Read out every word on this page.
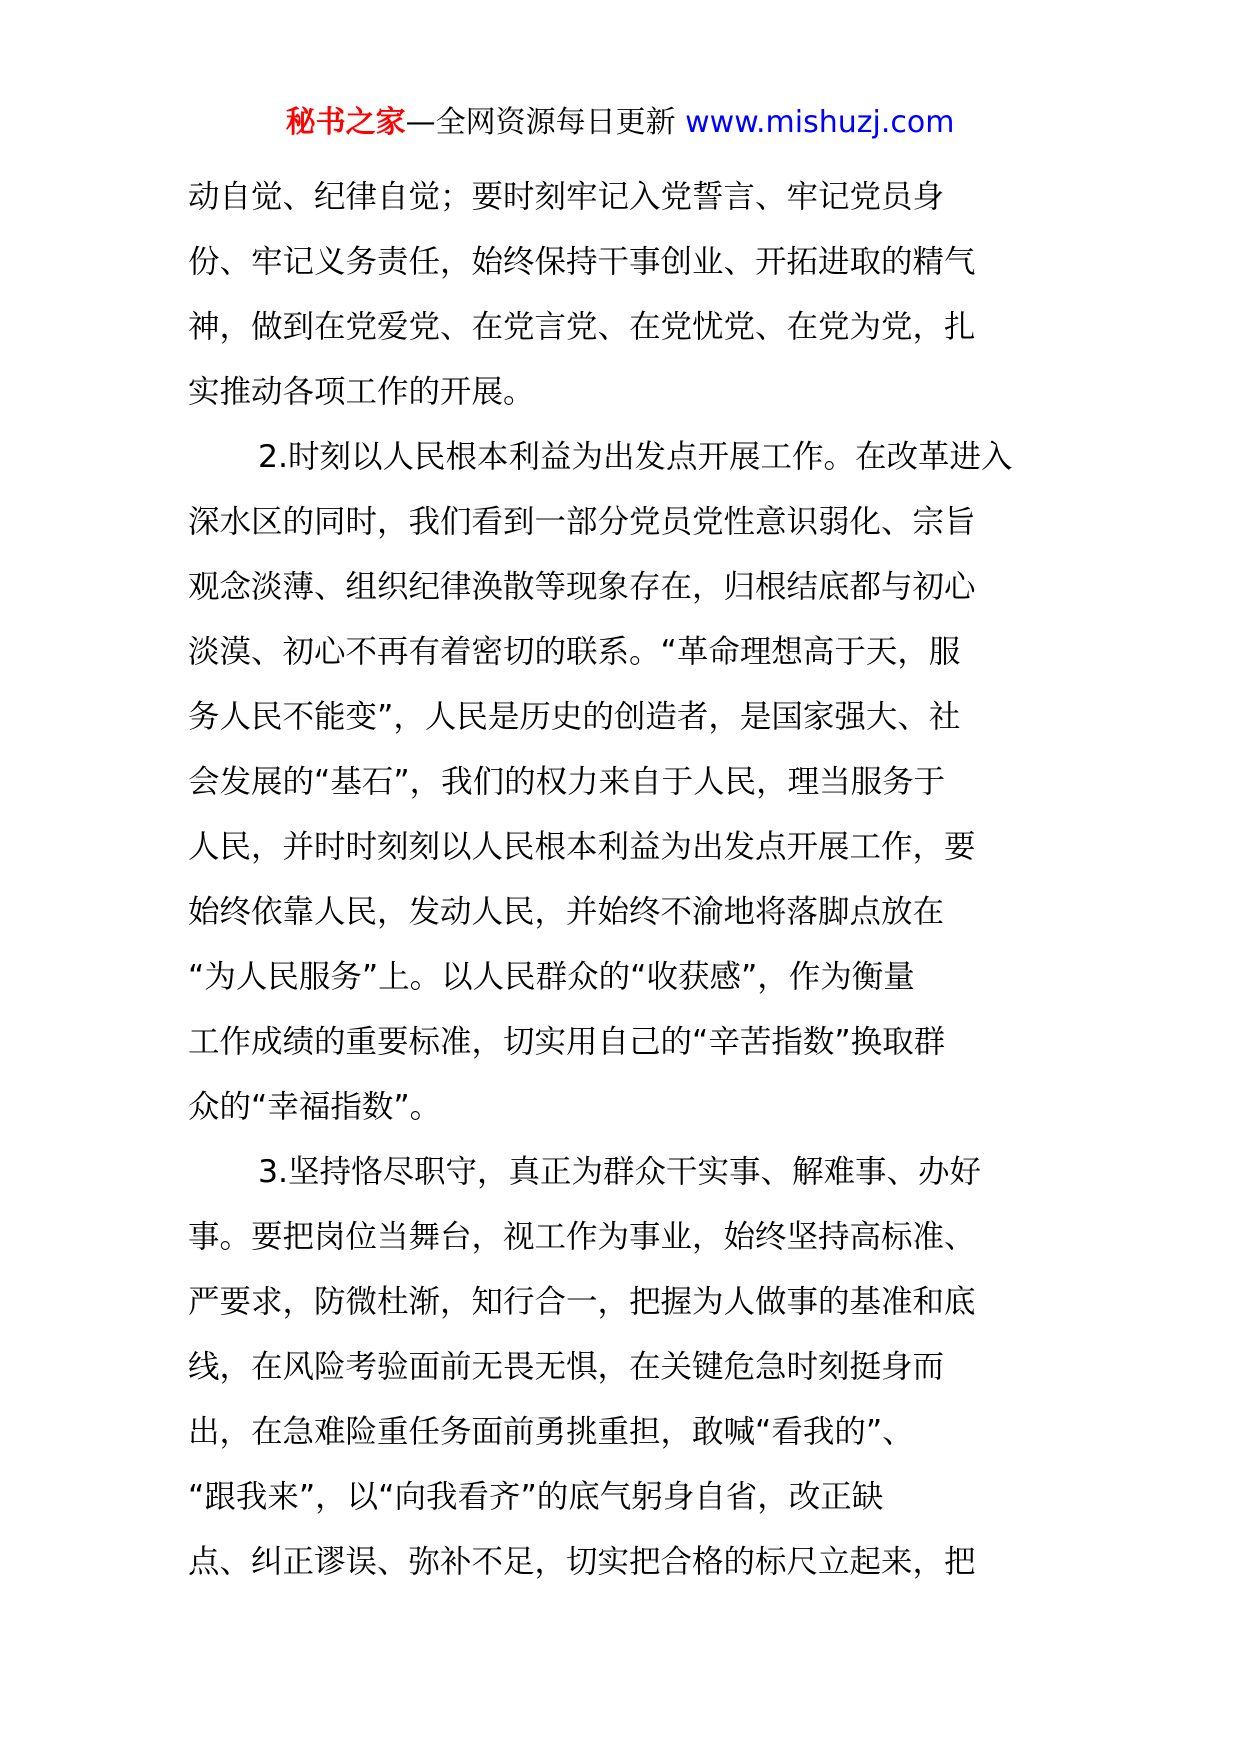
秘书之家—全网资源每日更新 www.mishuzj.com
动自觉、纪律自觉；要时刻牢记入党誓言、牢记党员身
份、牢记义务责任，始终保持干事创业、开拓进取的精气
神，做到在党爱党、在党言党、在党忧党、在党为党，扎
实推动各项工作的开展。
2.时刻以人民根本利益为出发点开展工作。在改革进入
深水区的同时，我们看到一部分党员党性意识弱化、宗旨
观念淡薄、组织纪律涣散等现象存在，归根结底都与初心
淡漠、初心不再有着密切的联系。“革命理想高于天，服
务人民不能变”，人民是历史的创造者，是国家强大、社
会发展的“基石”，我们的权力来自于人民，理当服务于
人民，并时时刻刻以人民根本利益为出发点开展工作，要
始终依靠人民，发动人民，并始终不渝地将落脚点放在
“为人民服务”上。以人民群众的“收获感”，作为衡量
工作成绩的重要标准，切实用自己的“辛苦指数”换取群
众的“幸福指数”。
3.坚持恪尽职守，真正为群众干实事、解难事、办好
事。要把岗位当舞台，视工作为事业，始终坚持高标准、
严要求，防微杜渐，知行合一，把握为人做事的基准和底
线，在风险考验面前无畏无惧，在关键危急时刻挺身而
出，在急难险重任务面前勇挑重担，敢喊“看我的”、
“跟我来”，以“向我看齐”的底气躬身自省，改正缺
点、纠正谬误、弥补不足，切实把合格的标尺立起来，把
